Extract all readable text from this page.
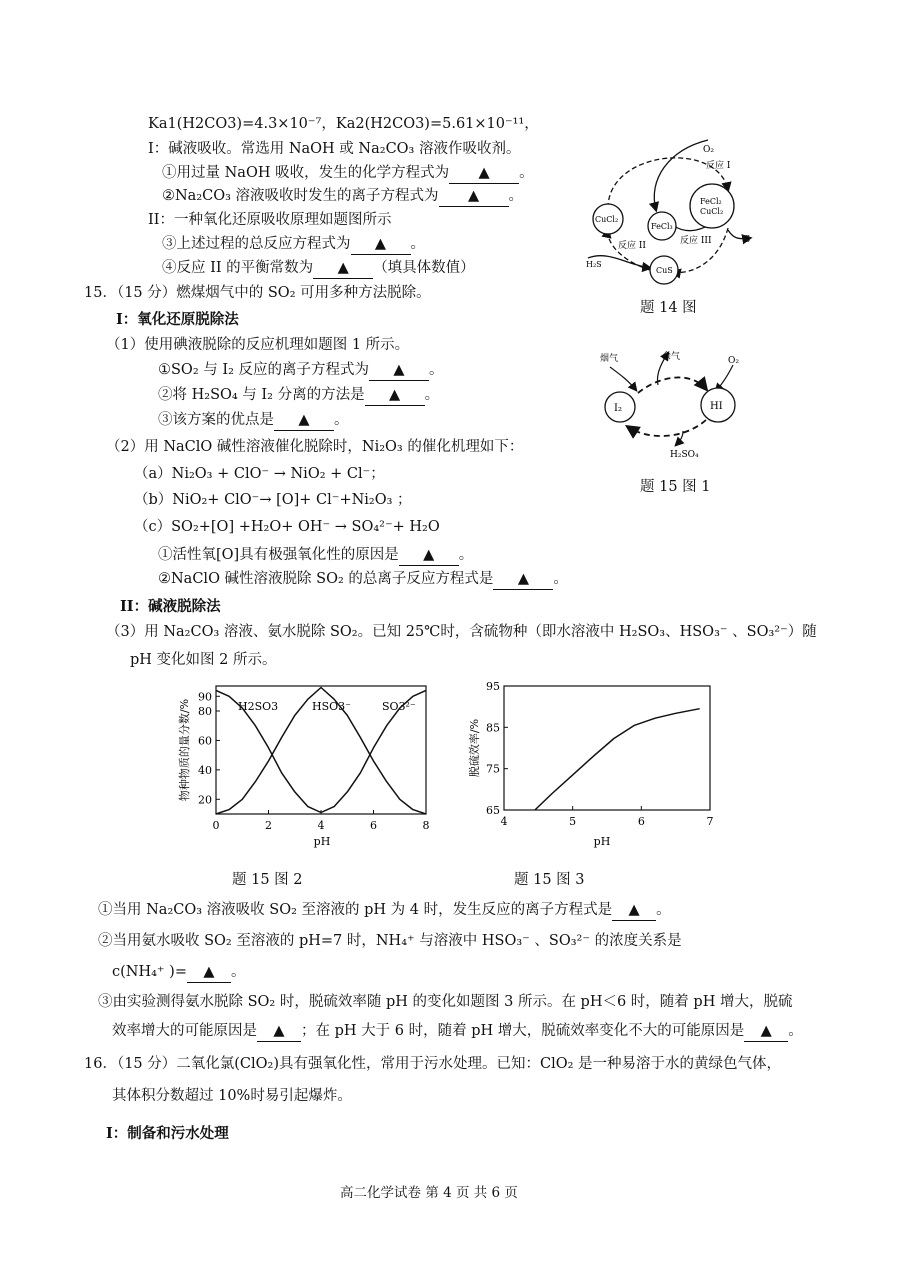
Ka1(H2CO3)=4.3×10⁻⁷，Ka2(H2CO3)=5.61×10⁻¹¹，
I：碱液吸收。常选用 NaOH 或 Na₂CO₃ 溶液作吸收剂。
①用过量 NaOH 吸收，发生的化学方程式为 ▲ 。
②Na₂CO₃ 溶液吸收时发生的离子方程式为 ▲ 。
II：一种氧化还原吸收原理如题图所示
③上述过程的总反应方程式为 ▲ 。
④反应 II 的平衡常数为 ▲ （填具体数值）
O₂
反应 I
CuCl₂
FeCl₃
FeCl₂
CuCl₂
反应 II	反应 III	S
H₂S
CuS
题 14 图
15．（15 分）燃煤烟气中的 SO₂ 可用多种方法脱除。
I：氧化还原脱除法
（1）使用碘液脱除的反应机理如题图 1 所示。
①SO₂ 与 I₂ 反应的离子方程式为 ▲ 。
②将 H₂SO₄ 与 I₂ 分离的方法是 ▲ 。
③该方案的优点是 ▲ 。
（2）用 NaClO 碱性溶液催化脱除时，Ni₂O₃ 的催化机理如下：
（a）Ni₂O₃ + ClO⁻ → NiO₂ + Cl⁻；
（b）NiO₂+ ClO⁻→ [O]+ Cl⁻+Ni₂O₃ ；
（c）SO₂+[O] +H₂O+ OH⁻ → SO₄²⁻+ H₂O
①活性氧[O]具有极强氧化性的原因是 ▲ 。
②NaClO 碱性溶液脱除 SO₂ 的总离子反应方程式是 ▲ 。
II：碱液脱除法
（3）用 Na₂CO₃ 溶液、氨水脱除 SO₂。已知 25℃时，含硫物种（即水溶液中 H₂SO₃、HSO₃⁻ 、SO₃²⁻）随
pH 变化如图 2 所示。
烟气	余气	O₂
I₂	HI
H₂SO₄
题 15 图 1
物种物质的量分数/%
pH
H2SO3	HSO3⁻	SO3²⁻
0	2	4	6	8
20
40
60
80
90
题 15 图 2
脱硫效率/%
pH
4	5	6	7
65
75
85
95
题 15 图 3
①当用 Na₂CO₃ 溶液吸收 SO₂ 至溶液的 pH 为 4 时，发生反应的离子方程式是 ▲ 。
②当用氨水吸收 SO₂ 至溶液的 pH=7 时，NH₄⁺ 与溶液中 HSO₃⁻ 、SO₃²⁻ 的浓度关系是
c(NH₄⁺ )= ▲ 。
③由实验测得氨水脱除 SO₂ 时，脱硫效率随 pH 的变化如题图 3 所示。在 pH＜6 时，随着 pH 增大，脱硫
效率增大的可能原因是 ▲ ；在 pH 大于 6 时，随着 pH 增大，脱硫效率变化不大的可能原因是 ▲ 。
16．（15 分）二氧化氯(ClO₂)具有强氧化性，常用于污水处理。已知：ClO₂ 是一种易溶于水的黄绿色气体，
其体积分数超过 10%时易引起爆炸。
I：制备和污水处理
高二化学试卷 第 4 页 共 6 页
